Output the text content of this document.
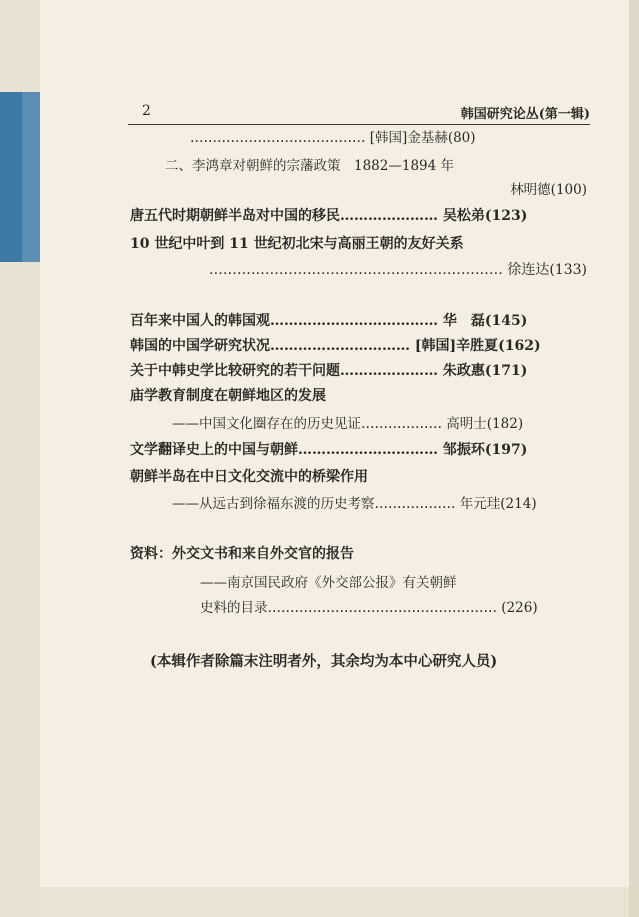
2	韩国研究论丛(第一辑)
………………………………… [韩国]金基赫(80)
二、李鸿章对朝鲜的宗藩政策　1882—1894 年
林明德(100)
唐五代时期朝鲜半岛对中国的移民………………… 吴松弟(123)
10 世纪中叶到 11 世纪初北宋与高丽王朝的友好关系
……………………………………………………… 徐连达(133)
百年来中国人的韩国观……………………………… 华　磊(145)
韩国的中国学研究状况………………………… [韩国]辛胜夏(162)
关于中韩史学比较研究的若干问题………………… 朱政惠(171)
庙学教育制度在朝鲜地区的发展
——中国文化圈存在的历史见证……………… 高明士(182)
文学翻译史上的中国与朝鲜………………………… 邹振环(197)
朝鲜半岛在中日文化交流中的桥梁作用
——从远古到徐福东渡的历史考察……………… 年元珪(214)
资料：外交文书和来自外交官的报告
——南京国民政府《外交部公报》有关朝鲜
史料的目录…………………………………………… (226)
(本辑作者除篇末注明者外，其余均为本中心研究人员)
